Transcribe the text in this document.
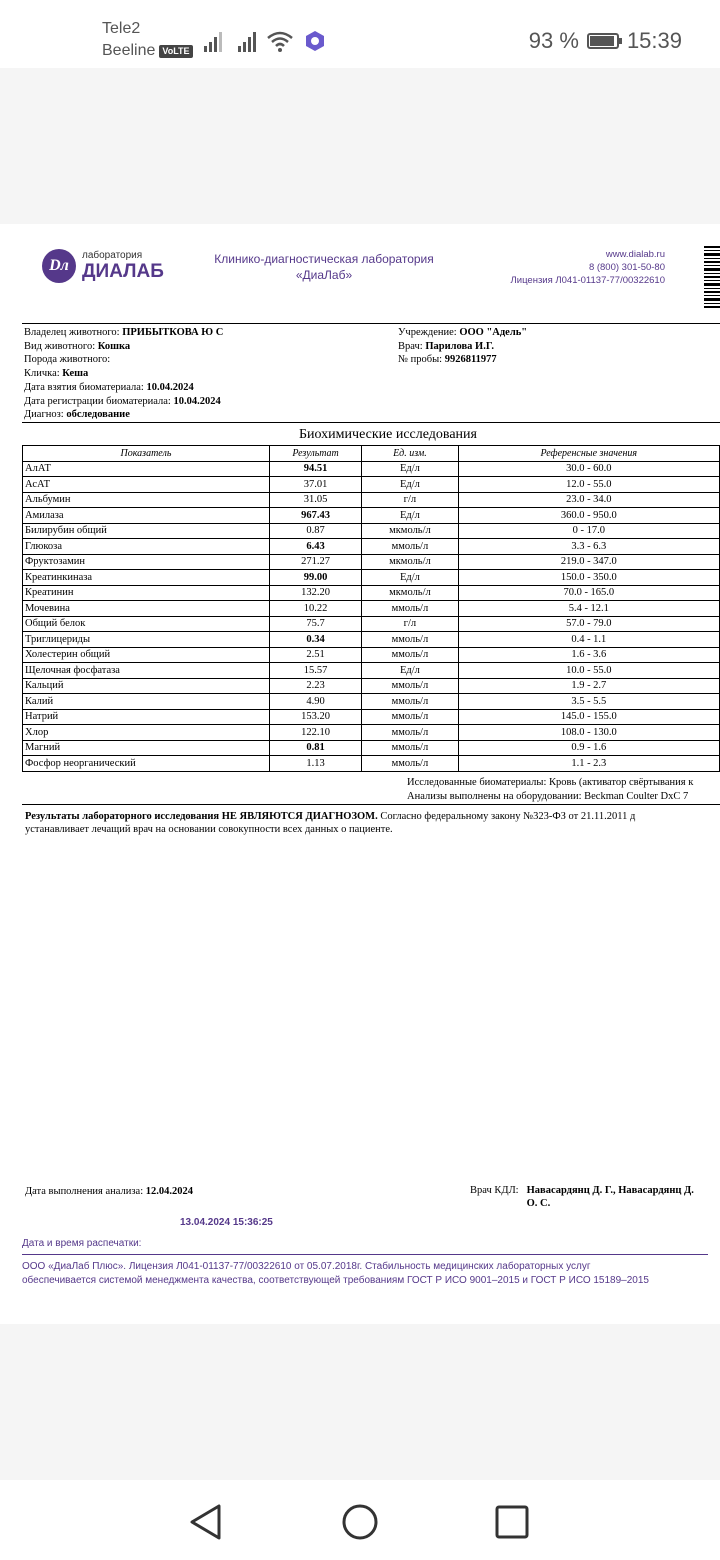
Tele2
Beeline VoLTE	93 % 15:39
Dл
лаборатория
ДИАЛАБ
Клинико-диагностическая лаборатория
«ДиаЛаб»
www.dialab.ru
8 (800) 301-50-80
Лицензия Л041-01137-77/00322610
Владелец животного: ПРИБЫТКОВА Ю С
Вид животного: Кошка
Порода животного:
Кличка: Кеша
Дата взятия биоматериала: 10.04.2024
Дата регистрации биоматериала: 10.04.2024
Диагноз: обследование
Учреждение: ООО "Адель"
Врач: Парилова И.Г.
№ пробы: 9926811977
Биохимические исследования
Показатель	Результат	Ед. изм.	Референсные значения
АлАТ	94.51	Ед/л	30.0 - 60.0
АсАТ	37.01	Ед/л	12.0 - 55.0
Альбумин	31.05	г/л	23.0 - 34.0
Амилаза	967.43	Ед/л	360.0 - 950.0
Билирубин общий	0.87	мкмоль/л	0 - 17.0
Глюкоза	6.43	ммоль/л	3.3 - 6.3
Фруктозамин	271.27	мкмоль/л	219.0 - 347.0
Креатинкиназа	99.00	Ед/л	150.0 - 350.0
Креатинин	132.20	мкмоль/л	70.0 - 165.0
Мочевина	10.22	ммоль/л	5.4 - 12.1
Общий белок	75.7	г/л	57.0 - 79.0
Триглицериды	0.34	ммоль/л	0.4 - 1.1
Холестерин общий	2.51	ммоль/л	1.6 - 3.6
Щелочная фосфатаза	15.57	Ед/л	10.0 - 55.0
Кальций	2.23	ммоль/л	1.9 - 2.7
Калий	4.90	ммоль/л	3.5 - 5.5
Натрий	153.20	ммоль/л	145.0 - 155.0
Хлор	122.10	ммоль/л	108.0 - 130.0
Магний	0.81	ммоль/л	0.9 - 1.6
Фосфор неорганический	1.13	ммоль/л	1.1 - 2.3
Исследованные биоматериалы: Кровь (активатор свёртывания к
Анализы выполнены на оборудовании: Beckman Coulter DxC 7
Результаты лабораторного исследования НЕ ЯВЛЯЮТСЯ ДИАГНОЗОМ. Согласно федеральному закону №323-ФЗ от 21.11.2011 д
устанавливает лечащий врач на основании совокупности всех данных о пациенте.
Дата выполнения анализа: 12.04.2024	Врач КДЛ: Навасардянц Д. Г., Навасардянц Д.
О. С.
13.04.2024 15:36:25
Дата и время распечатки:
ООО «ДиаЛаб Плюс». Лицензия Л041-01137-77/00322610 от 05.07.2018г. Стабильность медицинских лабораторных услуг
обеспечивается системой менеджмента качества, соответствующей требованиям ГОСТ Р ИСО 9001–2015 и ГОСТ Р ИСО 15189–2015
